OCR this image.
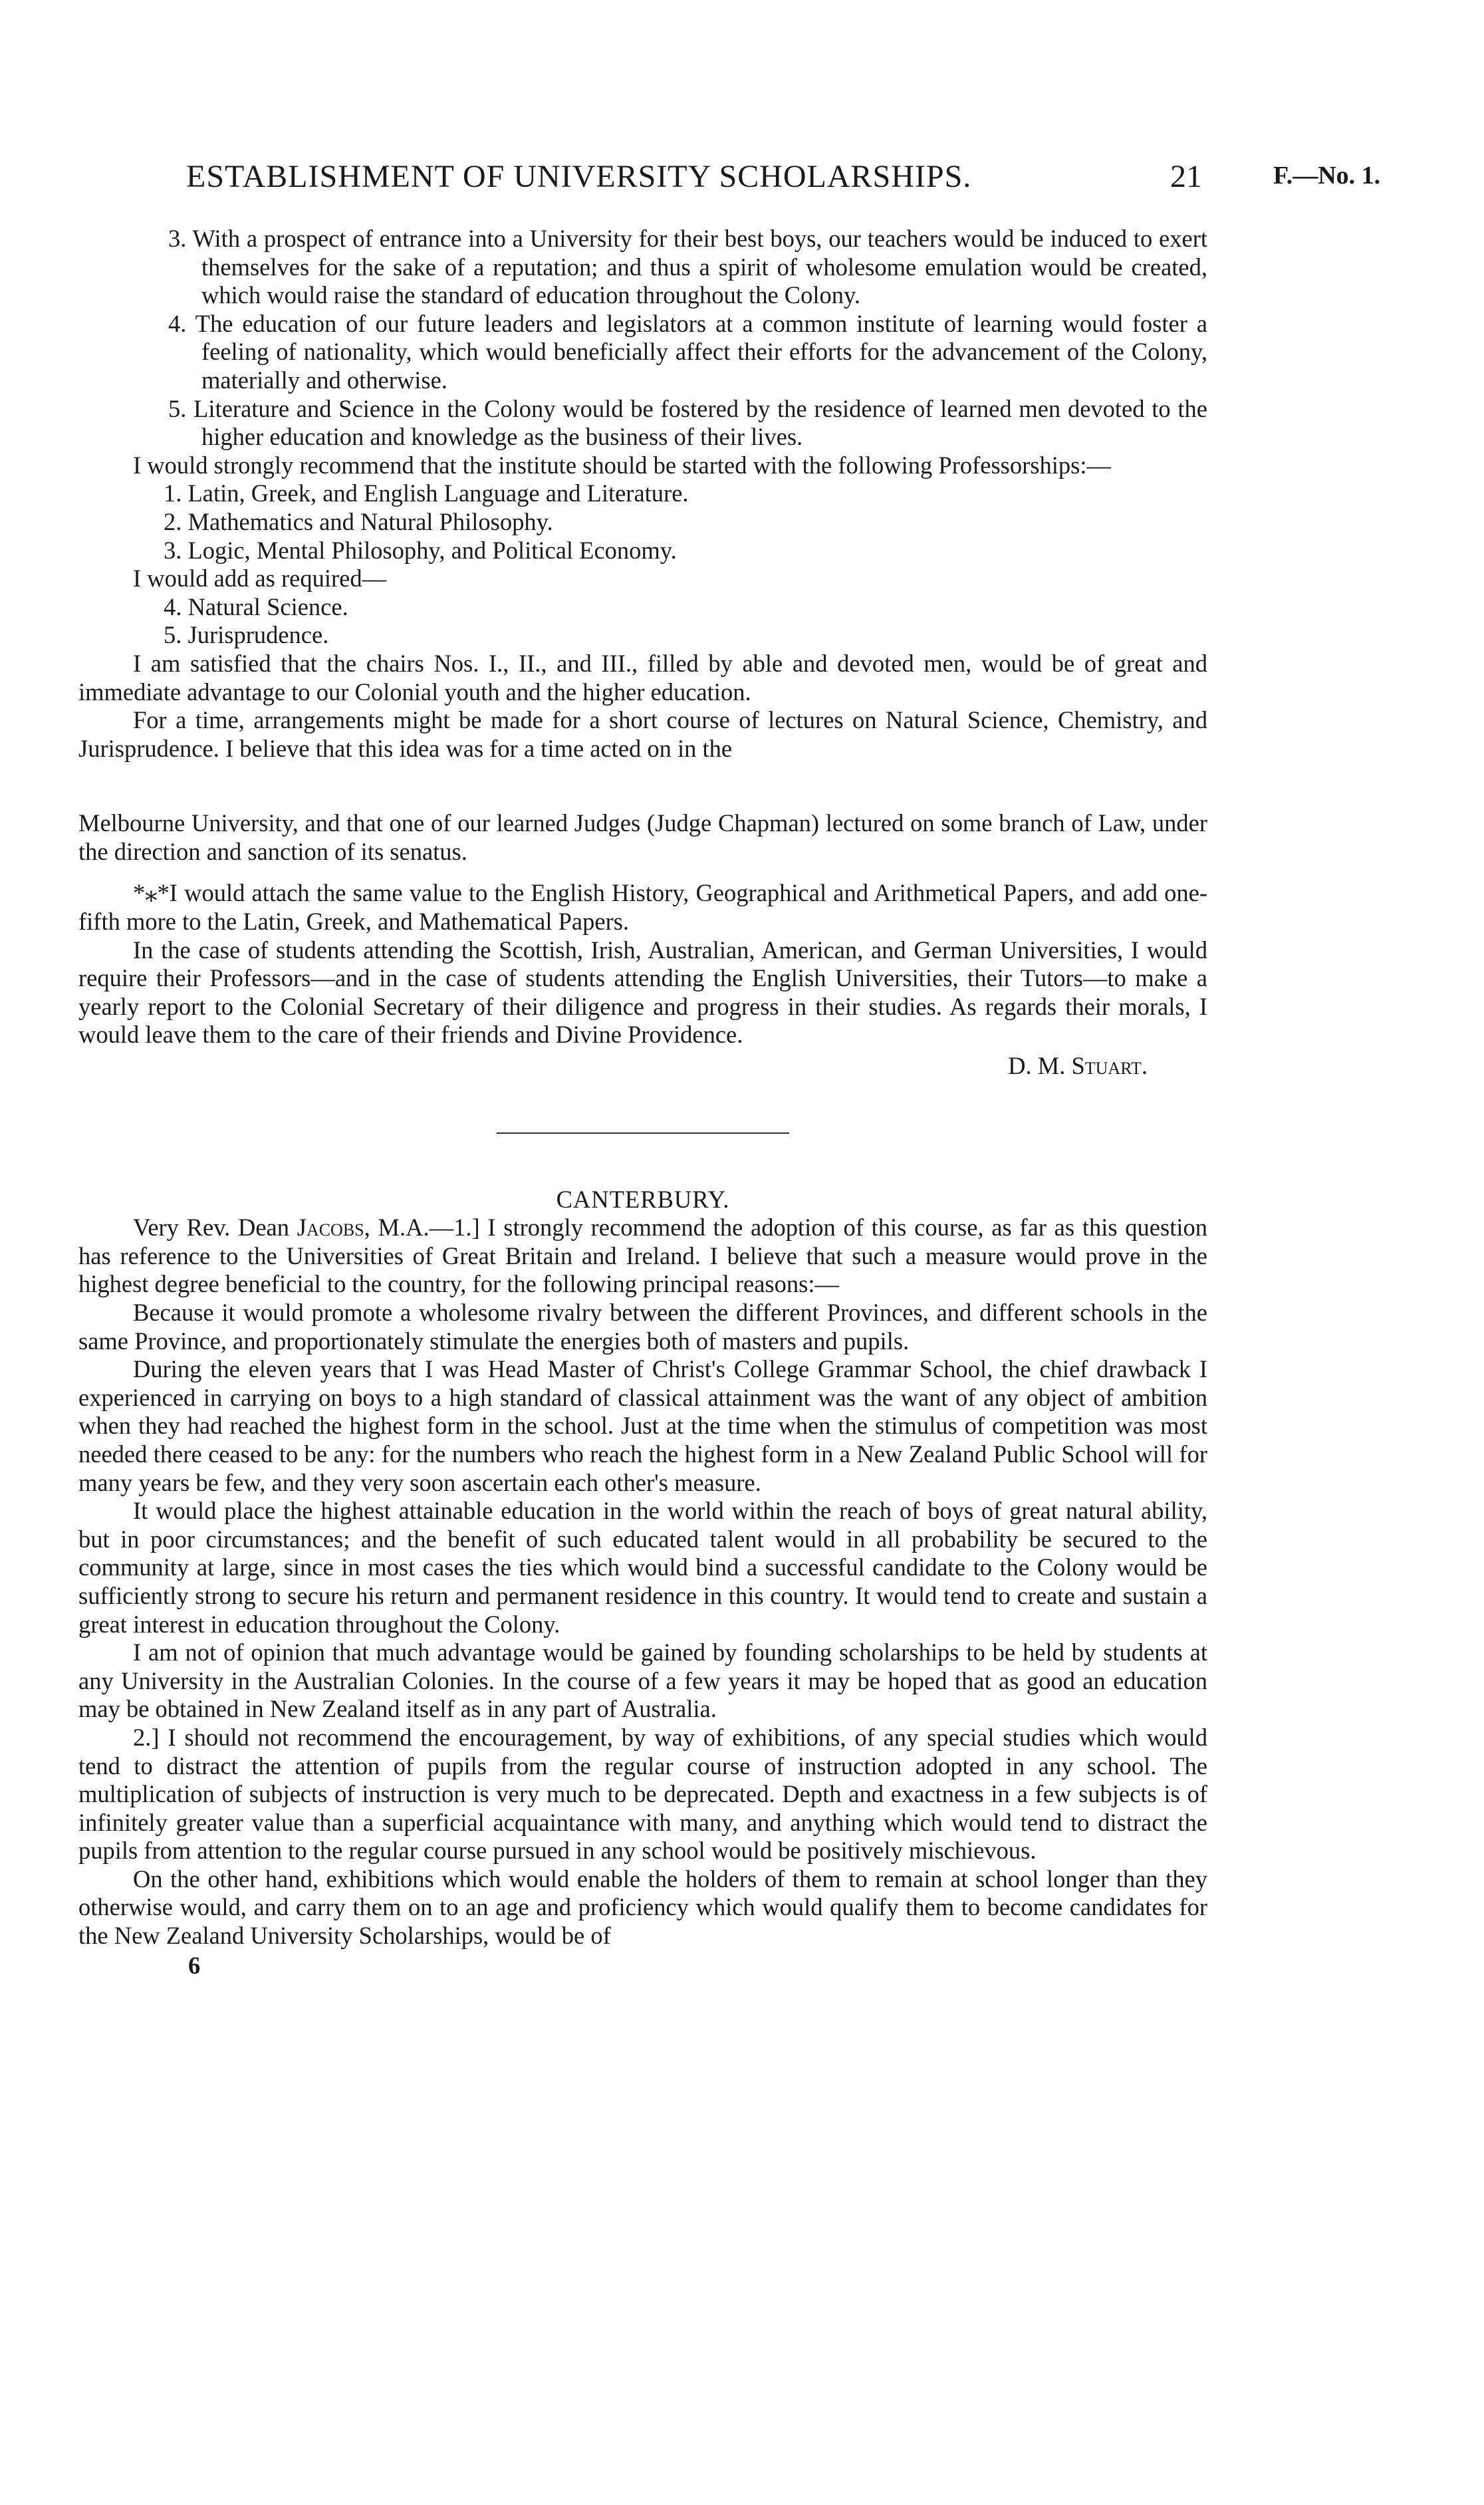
ESTABLISHMENT OF UNIVERSITY SCHOLARSHIPS.	21	F.—No. 1.

3. With a prospect of entrance into a University for their best boys, our teachers would be induced to exert themselves for the sake of a reputation; and thus a spirit of wholesome emulation would be created, which would raise the standard of education throughout the Colony.

4. The education of our future leaders and legislators at a common institute of learning would foster a feeling of nationality, which would beneficially affect their efforts for the advancement of the Colony, materially and otherwise.

5. Literature and Science in the Colony would be fostered by the residence of learned men devoted to the higher education and knowledge as the business of their lives.

I would strongly recommend that the institute should be started with the following Professorships:—

1. Latin, Greek, and English Language and Literature.

2. Mathematics and Natural Philosophy.

3. Logic, Mental Philosophy, and Political Economy.

I would add as required—

4. Natural Science.

5. Jurisprudence.

I am satisfied that the chairs Nos. I., II., and III., filled by able and devoted men, would be of great and immediate advantage to our Colonial youth and the higher education.

For a time, arrangements might be made for a short course of lectures on Natural Science, Chemistry, and Jurisprudence. I believe that this idea was for a time acted on in the

Melbourne University, and that one of our learned Judges (Judge Chapman) lectured on some branch of Law, under the direction and sanction of its senatus.

*⁎*I would attach the same value to the English History, Geographical and Arithmetical Papers, and add one-fifth more to the Latin, Greek, and Mathematical Papers.

In the case of students attending the Scottish, Irish, Australian, American, and German Universities, I would require their Professors—and in the case of students attending the English Universities, their Tutors—to make a yearly report to the Colonial Secretary of their diligence and progress in their studies. As regards their morals, I would leave them to the care of their friends and Divine Providence.

D. M. Stuart.

CANTERBURY.

Very Rev. Dean Jacobs, M.A.—1.] I strongly recommend the adoption of this course, as far as this question has reference to the Universities of Great Britain and Ireland. I believe that such a measure would prove in the highest degree beneficial to the country, for the following principal reasons:—

Because it would promote a wholesome rivalry between the different Provinces, and different schools in the same Province, and proportionately stimulate the energies both of masters and pupils.

During the eleven years that I was Head Master of Christ's College Grammar School, the chief drawback I experienced in carrying on boys to a high standard of classical attainment was the want of any object of ambition when they had reached the highest form in the school. Just at the time when the stimulus of competition was most needed there ceased to be any: for the numbers who reach the highest form in a New Zealand Public School will for many years be few, and they very soon ascertain each other's measure.

It would place the highest attainable education in the world within the reach of boys of great natural ability, but in poor circumstances; and the benefit of such educated talent would in all probability be secured to the community at large, since in most cases the ties which would bind a successful candidate to the Colony would be sufficiently strong to secure his return and permanent residence in this country. It would tend to create and sustain a great interest in education throughout the Colony.

I am not of opinion that much advantage would be gained by founding scholarships to be held by students at any University in the Australian Colonies. In the course of a few years it may be hoped that as good an education may be obtained in New Zealand itself as in any part of Australia.

2.] I should not recommend the encouragement, by way of exhibitions, of any special studies which would tend to distract the attention of pupils from the regular course of instruction adopted in any school. The multiplication of subjects of instruction is very much to be deprecated. Depth and exactness in a few subjects is of infinitely greater value than a superficial acquaintance with many, and anything which would tend to distract the pupils from attention to the regular course pursued in any school would be positively mischievous.

On the other hand, exhibitions which would enable the holders of them to remain at school longer than they otherwise would, and carry them on to an age and proficiency which would qualify them to become candidates for the New Zealand University Scholarships, would be of

6
